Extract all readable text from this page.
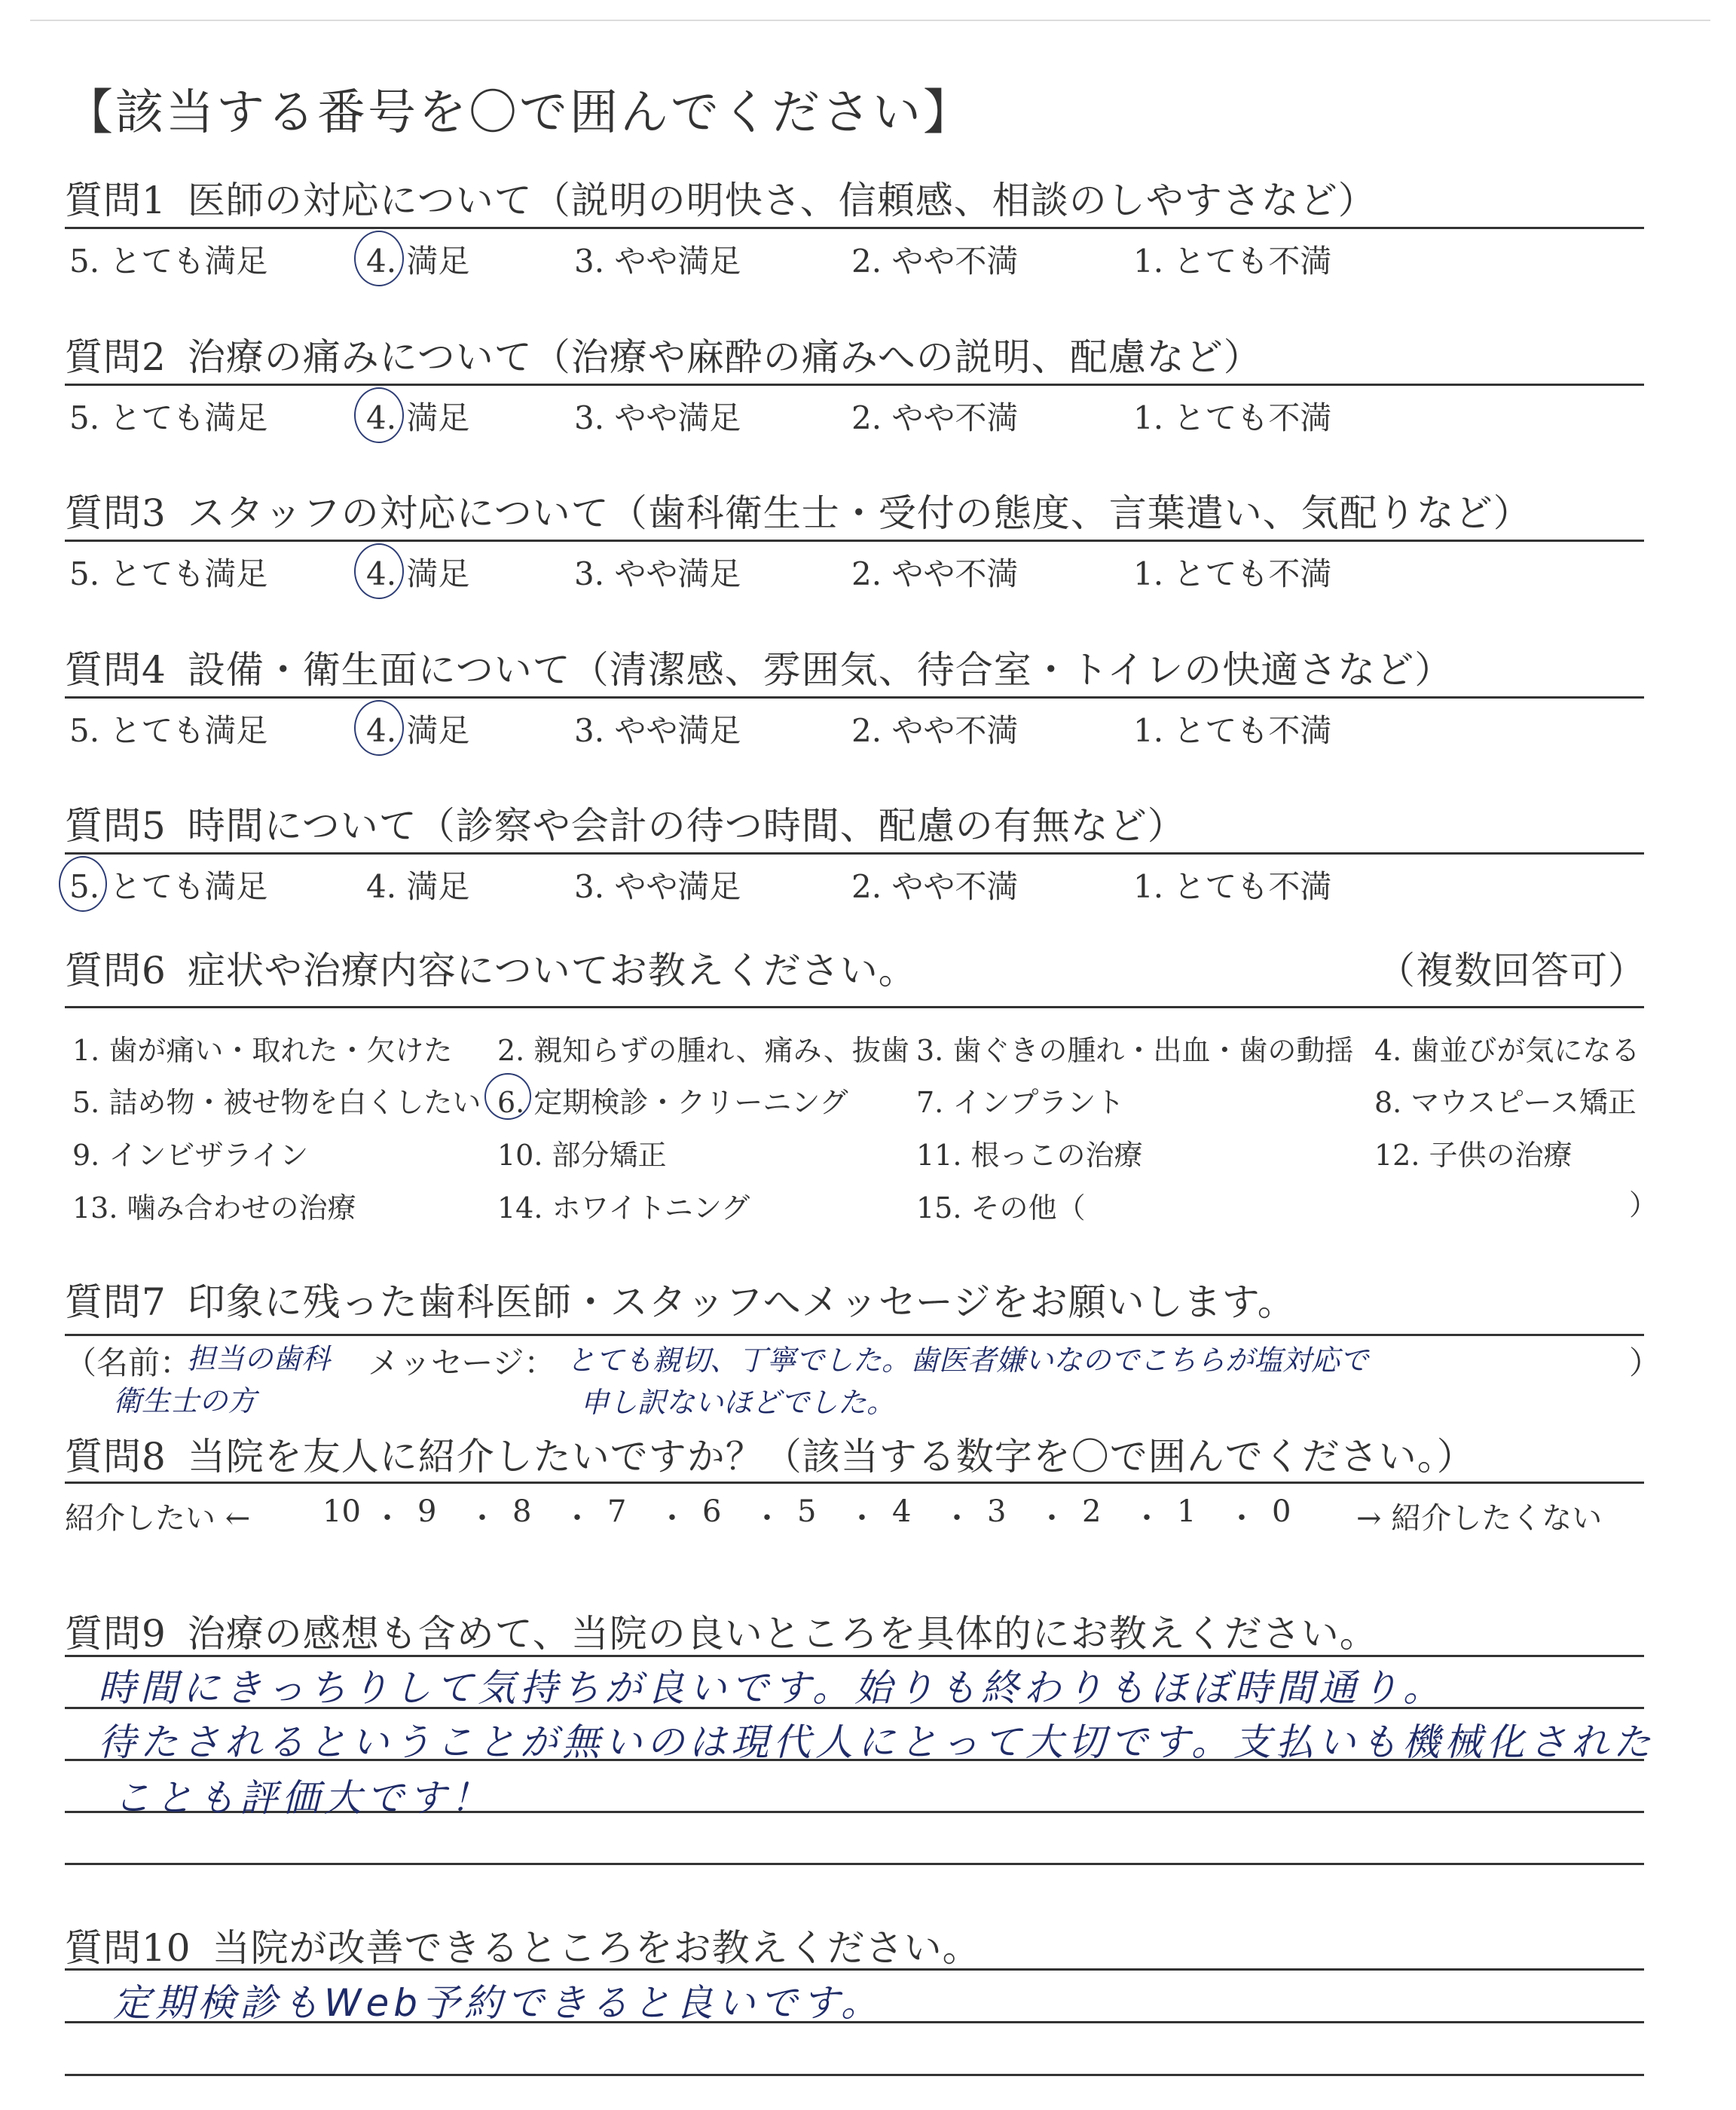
【該当する番号を〇で囲んでください】
質問1 医師の対応について（説明の明快さ、信頼感、相談のしやすさなど）
5. とても満足	4. 満足	3. やや満足	2. やや不満	1. とても不満
質問2 治療の痛みについて（治療や麻酔の痛みへの説明、配慮など）
5. とても満足	4. 満足	3. やや満足	2. やや不満	1. とても不満
質問3 スタッフの対応について（歯科衛生士・受付の態度、言葉遣い、気配りなど）
5. とても満足	4. 満足	3. やや満足	2. やや不満	1. とても不満
質問4 設備・衛生面について（清潔感、雰囲気、待合室・トイレの快適さなど）
5. とても満足	4. 満足	3. やや満足	2. やや不満	1. とても不満
質問5 時間について（診察や会計の待つ時間、配慮の有無など）
5. とても満足	4. 満足	3. やや満足	2. やや不満	1. とても不満
質問6 症状や治療内容についてお教えください。	（複数回答可）
1. 歯が痛い・取れた・欠けた 2. 親知らずの腫れ、痛み、抜歯 3. 歯ぐきの腫れ・出血・歯の動揺 4. 歯並びが気になる
5. 詰め物・被せ物を白くしたい 6. 定期検診・クリーニング 7. インプラント	8. マウスピース矯正
9. インビザライン	10. 部分矯正	11. 根っこの治療	12. 子供の治療
13. 噛み合わせの治療	14. ホワイトニング	15. その他（	）
質問7 印象に残った歯科医師・スタッフへメッセージをお願いします。
（名前：
担当の歯科
衛生士の方
メッセージ： とても親切、丁寧でした。歯医者嫌いなのでこちらが塩対応で
申し訳ないほどでした。
）
質問8 当院を友人に紹介したいですか？（該当する数字を〇で囲んでください。）
紹介したい ← 10 ・ 9 ・ 8 ・ 7 ・ 6 ・ 5 ・ 4 ・ 3 ・ 2 ・ 1 ・ 0 → 紹介したくない
質問9 治療の感想も含めて、当院の良いところを具体的にお教えください。
時間にきっちりして気持ちが良いです。始りも終わりもほぼ時間通り。
待たされるということが無いのは現代人にとって大切です。支払いも機械化された
ことも評価大です！
質問10 当院が改善できるところをお教えください。
定期検診もWeb予約できると良いです。
